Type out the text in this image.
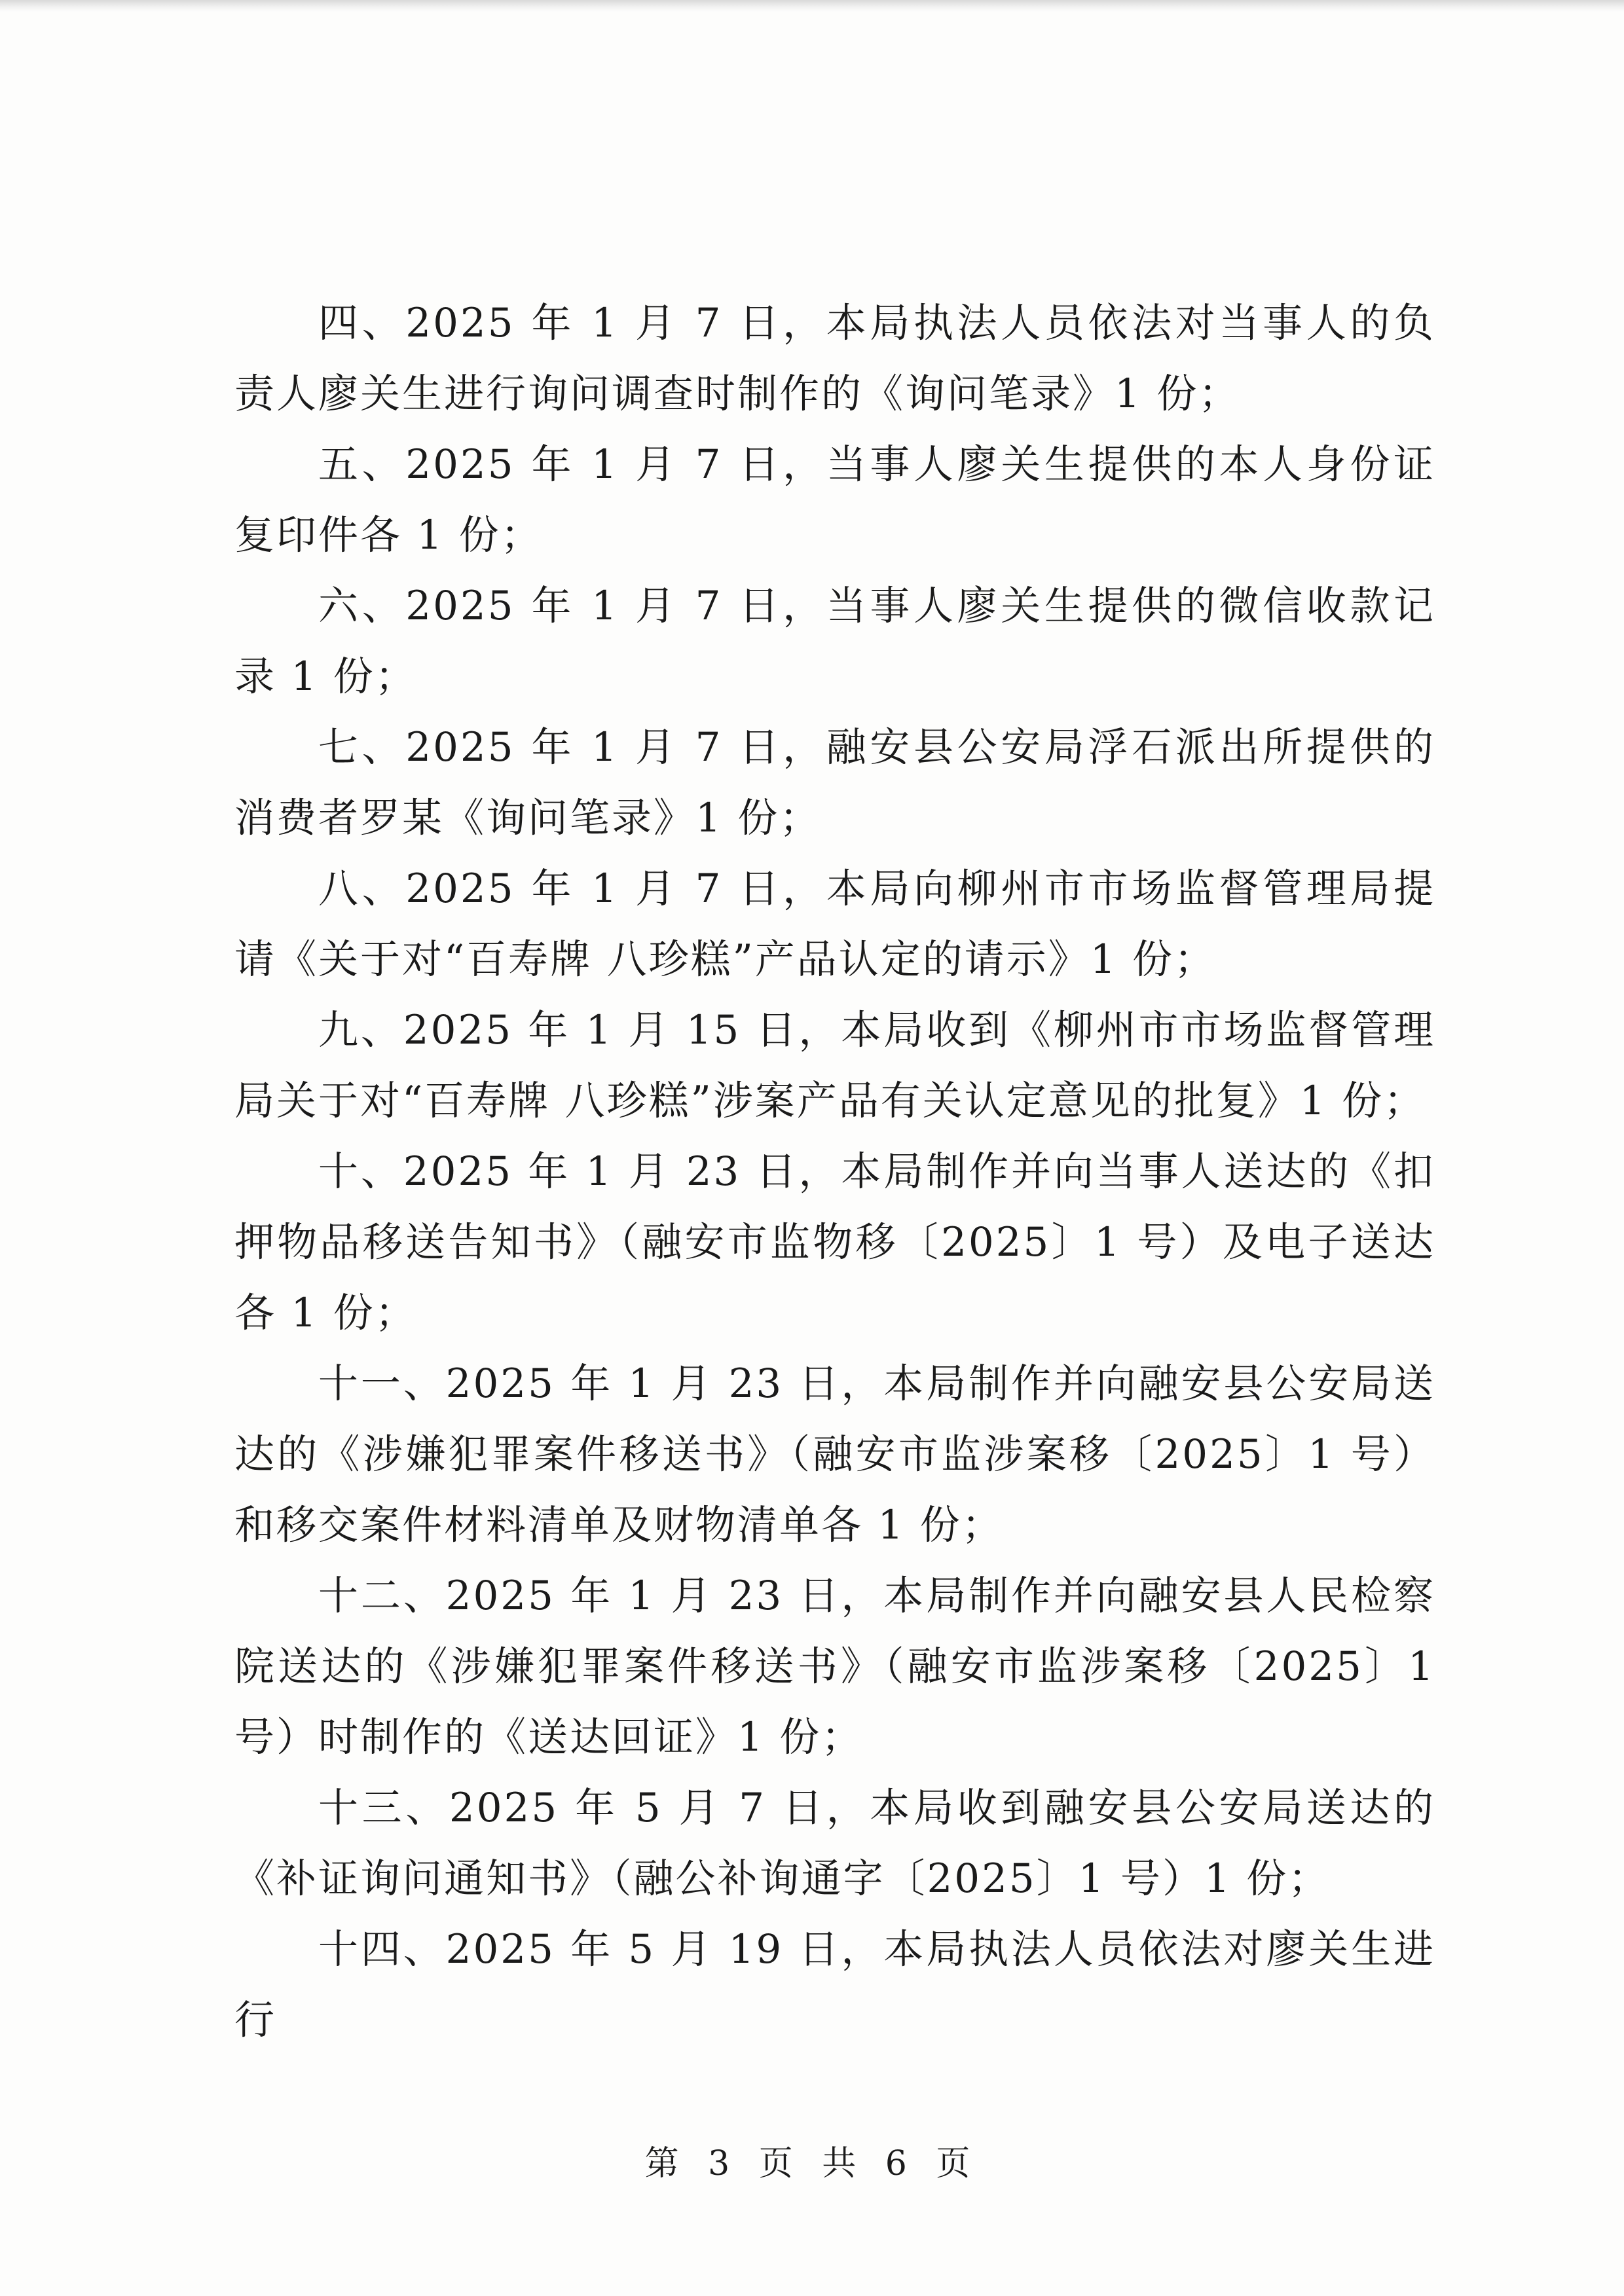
四、2025 年 1 月 7 日，本局执法人员依法对当事人的负责人廖关生进行询问调查时制作的《询问笔录》1 份；

五、2025 年 1 月 7 日，当事人廖关生提供的本人身份证复印件各 1 份；

六、2025 年 1 月 7 日，当事人廖关生提供的微信收款记录 1 份；

七、2025 年 1 月 7 日，融安县公安局浮石派出所提供的消费者罗某《询问笔录》1 份；

八、2025 年 1 月 7 日，本局向柳州市市场监督管理局提请《关于对“百寿牌 八珍糕”产品认定的请示》1 份；

九、2025 年 1 月 15 日，本局收到《柳州市市场监督管理局关于对“百寿牌 八珍糕”涉案产品有关认定意见的批复》1 份；

十、2025 年 1 月 23 日，本局制作并向当事人送达的《扣押物品移送告知书》（融安市监物移〔2025〕1 号）及电子送达各 1 份；

十一、2025 年 1 月 23 日，本局制作并向融安县公安局送达的《涉嫌犯罪案件移送书》（融安市监涉案移〔2025〕1 号）和移交案件材料清单及财物清单各 1 份；

十二、2025 年 1 月 23 日，本局制作并向融安县人民检察院送达的《涉嫌犯罪案件移送书》（融安市监涉案移〔2025〕1 号）时制作的《送达回证》1 份；

十三、2025 年 5 月 7 日，本局收到融安县公安局送达的《补证询问通知书》（融公补询通字〔2025〕1 号）1 份；

十四、2025 年 5 月 19 日，本局执法人员依法对廖关生进行

第 3 页 共 6 页
